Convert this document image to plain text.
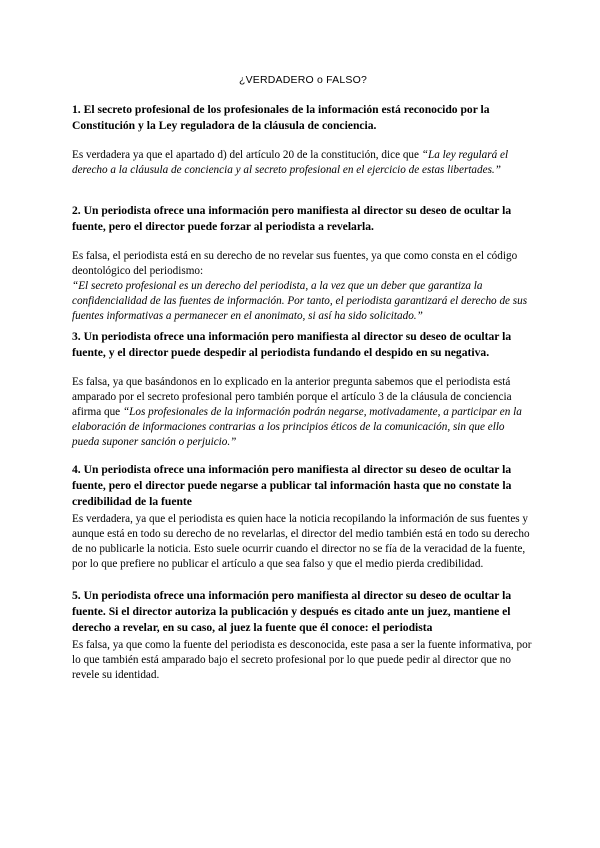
¿VERDADERO o FALSO?

1. El secreto profesional de los profesionales de la información está reconocido por la Constitución y la Ley reguladora de la cláusula de conciencia.

Es verdadera ya que el apartado d) del artículo 20 de la constitución, dice que “La ley regulará el derecho a la cláusula de conciencia y al secreto profesional en el ejercicio de estas libertades.”

2. Un periodista ofrece una información pero manifiesta al director su deseo de ocultar la fuente, pero el director puede forzar al periodista a revelarla.

Es falsa, el periodista está en su derecho de no revelar sus fuentes, ya que como consta en el código deontológico del periodismo:

“El secreto profesional es un derecho del periodista, a la vez que un deber que garantiza la confidencialidad de las fuentes de información. Por tanto, el periodista garantizará el derecho de sus fuentes informativas a permanecer en el anonimato, si así ha sido solicitado.”

3. Un periodista ofrece una información pero manifiesta al director su deseo de ocultar la fuente, y el director puede despedir al periodista fundando el despido en su negativa.

Es falsa, ya que basándonos en lo explicado en la anterior pregunta sabemos que el periodista está amparado por el secreto profesional pero también porque el artículo 3 de la cláusula de conciencia afirma que “Los profesionales de la información podrán negarse, motivadamente, a participar en la elaboración de informaciones contrarias a los principios éticos de la comunicación, sin que ello pueda suponer sanción o perjuicio.”

4. Un periodista ofrece una información pero manifiesta al director su deseo de ocultar la fuente, pero el director puede negarse a publicar tal información hasta que no constate la credibilidad de la fuente

Es verdadera, ya que el periodista es quien hace la noticia recopilando la información de sus fuentes y aunque está en todo su derecho de no revelarlas, el director del medio también está en todo su derecho de no publicarle la noticia. Esto suele ocurrir cuando el director no se fía de la veracidad de la fuente, por lo que prefiere no publicar el artículo a que sea falso y que el medio pierda credibilidad.

5. Un periodista ofrece una información pero manifiesta al director su deseo de ocultar la fuente. Si el director autoriza la publicación y después es citado ante un juez, mantiene el derecho a revelar, en su caso, al juez la fuente que él conoce: el periodista

Es falsa, ya que como la fuente del periodista es desconocida, este pasa a ser la fuente informativa, por lo que también está amparado bajo el secreto profesional por lo que puede pedir al director que no revele su identidad.
